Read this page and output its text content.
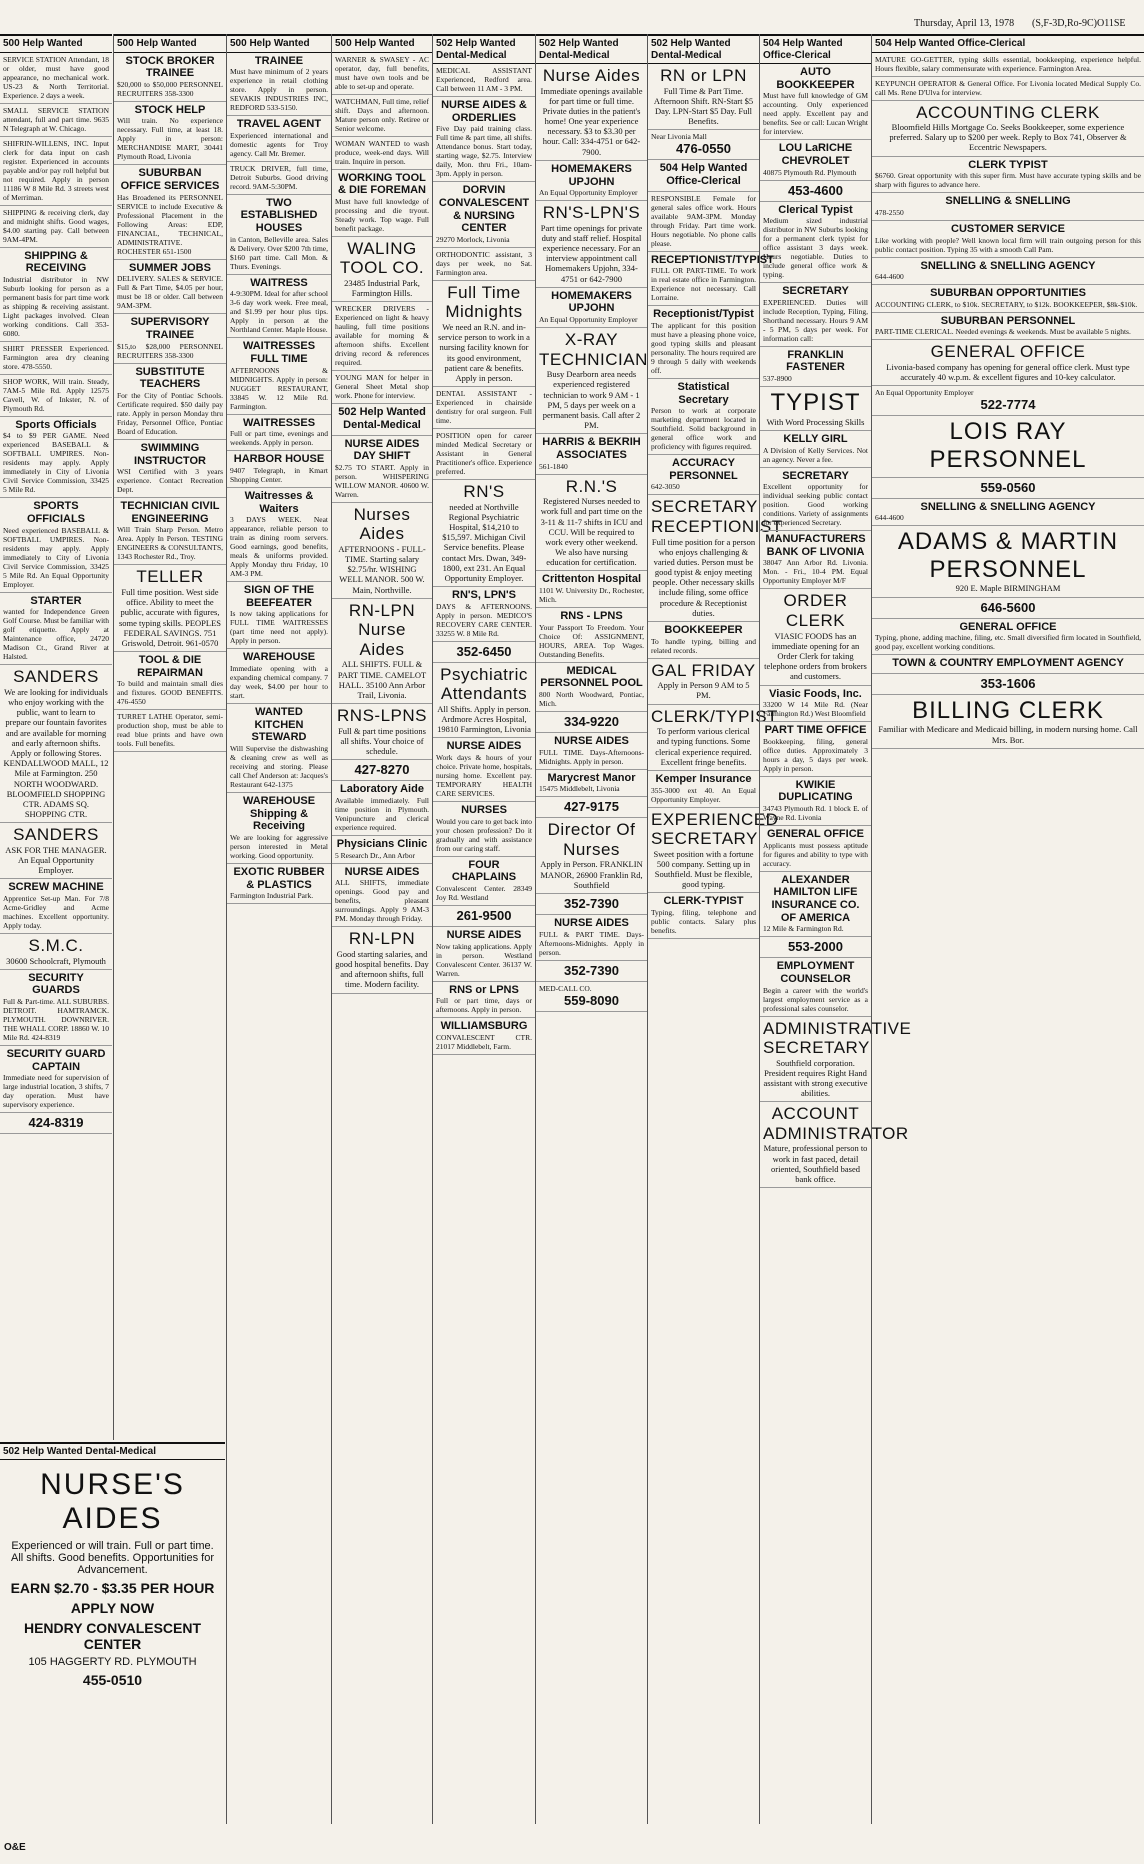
Thursday, April 13, 1978 (S,F-3D,Ro-9C)O11SE
500 Help Wanted
SERVICE STATION Attendant, 18 or older, must have good appearance, no mechanical work. US-23 & North Territorial. Experience. 2 days a week.
SMALL SERVICE STATION attendant, full and part time. 9635 N Telegraph at W. Chicago.
SHIFRIN-WILLENS, INC. Input clerk for data input on cash register. Experienced in accounts payable and/or pay roll helpful but not required. Apply in person 11186 W 8 Mile Rd. 3 streets west of Merriman.
SHIPPING & receiving clerk, day and midnight shifts. Good wages, $4.00 starting pay. Call between 9AM-4PM.
SHIPPING & RECEIVING
Industrial distributor in NW Suburb looking for person as a permanent basis for part time work as shipping & receiving assistant. Light packages involved. Clean working conditions. Call 353-6080.
SHIRT PRESSER Experienced. Farmington area dry cleaning store. 478-5550.
SHOP WORK, Will train. Steady, 7AM-5 Mile Rd. Apply 12575 Cavell, W. of Inkster, N. of Plymouth Rd.
Sports Officials
$4 to $9 PER GAME. Need experienced BASEBALL & SOFTBALL UMPIRES. Non-residents may apply. Apply immediately in City of Livonia Civil Service Commission, 33425 5 Mile Rd.
SPORTS OFFICIALS
Need experienced BASEBALL & SOFTBALL UMPIRES. Non-residents may apply. Apply immediately to City of Livonia Civil Service Commission, 33425 5 Mile Rd. An Equal Opportunity Employer.
STARTER
wanted for Independence Green Golf Course. Must be familiar with golf etiquette. Apply at Maintenance office, 24720 Madison Ct., Grand River at Halsted.
SANDERS
We are looking for individuals who enjoy working with the public, want to learn to prepare our fountain favorites and are available for morning and early afternoon shifts. Apply or following Stores. KENDALLWOOD MALL, 12 Mile at Farmington. 250 NORTH WOODWARD. BLOOMFIELD SHOPPING CTR. ADAMS SQ. SHOPPING CTR.
SANDERS
ASK FOR THE MANAGER. An Equal Opportunity Employer.
SCREW MACHINE
Apprentice Set-up Man. For 7/8 Acme-Gridley and Acme machines. Excellent opportunity. Apply today.
S.M.C.
30600 Schoolcraft, Plymouth
SECURITY GUARDS
Full & Part-time. ALL SUBURBS. DETROIT. HAMTRAMCK. PLYMOUTH. DOWNRIVER. THE WHALL CORP. 18860 W. 10 Mile Rd. 424-8319
SECURITY GUARD CAPTAIN
Immediate need for supervision of large industrial location, 3 shifts, 7 day operation. Must have supervisory experience.
424-8319
500 Help Wanted
STOCK BROKER TRAINEE
$20,000 to $50,000 PERSONNEL RECRUITERS 358-3300
STOCK HELP
Will train. No experience necessary. Full time, at least 18. Apply in person: MERCHANDISE MART, 30441 Plymouth Road, Livonia
SUBURBAN OFFICE SERVICES
Has Broadened its PERSONNEL SERVICE to include Executive & Professional Placement in the Following Areas: EDP, FINANCIAL, TECHNICAL, ADMINISTRATIVE. ROCHESTER 651-1500
SUMMER JOBS
DELIVERY. SALES & SERVICE. Full & Part Time, $4.05 per hour, must be 18 or older. Call between 9AM-3PM.
SUPERVISORY TRAINEE
$15,to $28,000 PERSONNEL RECRUITERS 358-3300
SUBSTITUTE TEACHERS
For the City of Pontiac Schools. Certificate required. $50 daily pay rate. Apply in person Monday thru Friday, Personnel Office, Pontiac Board of Education.
SWIMMING INSTRUCTOR
WSI Certified with 3 years experience. Contact Recreation Dept.
TECHNICIAN CIVIL ENGINEERING
Will Train Sharp Person. Metro Area. Apply In Person. TESTING ENGINEERS & CONSULTANTS, 1343 Rochester Rd., Troy.
TELLER
Full time position. West side office. Ability to meet the public, accurate with figures, some typing skills. PEOPLES FEDERAL SAVINGS. 751 Griswold, Detroit. 961-0570
TOOL & DIE REPAIRMAN
To build and maintain small dies and fixtures. GOOD BENEFITS. 476-4550
TURRET LATHE Operator, semi-production shop, must be able to read blue prints and have own tools. Full benefits.
500 Help Wanted
TRAINEE
Must have minimum of 2 years experience in retail clothing store. Apply in person. SEVAKIS INDUSTRIES INC, REDFORD 533-5150.
TRAVEL AGENT
Experienced international and domestic agents for Troy agency. Call Mr. Bremer.
TRUCK DRIVER, full time, Detroit Suburbs. Good driving record. 9AM-5:30PM.
TWO ESTABLISHED HOUSES
in Canton, Belleville area. Sales & Delivery. Over $200 7th time, $160 part time. Call Mon. & Thurs. Evenings.
WAITRESS
4-9:30PM. Ideal for after school 3-6 day work week. Free meal, and $1.99 per hour plus tips. Apply in person at the Northland Center. Maple House.
WAITRESSES FULL TIME
AFTERNOONS & MIDNIGHTS. Apply in person: NUGGET RESTAURANT, 33845 W. 12 Mile Rd. Farmington.
WAITRESSES
Full or part time, evenings and weekends. Apply in person.
HARBOR HOUSE
9407 Telegraph, in Kmart Shopping Center.
Waitresses & Waiters
3 DAYS WEEK. Neat appearance, reliable person to train as dining room servers. Good earnings, good benefits, meals & uniforms provided. Apply Monday thru Friday, 10 AM-3 PM.
SIGN OF THE BEEFEATER
Is now taking applications for FULL TIME WAITRESSES (part time need not apply). Apply in person.
WAREHOUSE
Immediate opening with a expanding chemical company. 7 day week, $4.00 per hour to start.
WANTED KITCHEN STEWARD
Will Supervise the dishwashing & cleaning crew as well as receiving and storing. Please call Chef Anderson at: Jacques's Restaurant 642-1375
WAREHOUSE Shipping & Receiving
We are looking for aggressive person interested in Metal working. Good opportunity.
EXOTIC RUBBER & PLASTICS
Farmington Industrial Park.
500 Help Wanted
WARNER & SWASEY - AC operator, day, full benefits, must have own tools and be able to set-up and operate.
WATCHMAN, Full time, relief shift. Days and afternoon. Mature person only. Retiree or Senior welcome.
WOMAN WANTED to wash produce, week-end days. Will train. Inquire in person.
WORKING TOOL & DIE FOREMAN
Must have full knowledge of processing and die tryout. Steady work. Top wage. Full benefit package.
WALING TOOL CO.
23485 Industrial Park, Farmington Hills.
WRECKER DRIVERS - Experienced on light & heavy hauling, full time positions available for morning & afternoon shifts. Excellent driving record & references required.
YOUNG MAN for helper in General Sheet Metal shop work. Phone for interview.
502 Help Wanted Dental-Medical
NURSE AIDES DAY SHIFT
$2.75 TO START. Apply in person. WHISPERING WILLOW MANOR. 40600 W. Warren.
Nurses Aides
AFTERNOONS - FULL-TIME. Starting salary $2.75/hr. WISHING WELL MANOR. 500 W. Main, Northville.
RN-LPN Nurse Aides
ALL SHIFTS. FULL & PART TIME. CAMELOT HALL. 35100 Ann Arbor Trail, Livonia.
RNS-LPNS
Full & part time positions all shifts. Your choice of schedule.
427-8270
Laboratory Aide
Available immediately. Full time position in Plymouth. Venipuncture and clerical experience required.
Physicians Clinic
5 Research Dr., Ann Arbor
NURSE AIDES
ALL SHIFTS, immediate openings. Good pay and benefits, pleasant surroundings. Apply 9 AM-3 PM. Monday through Friday.
RN-LPN
Good starting salaries, and good hospital benefits. Day and afternoon shifts, full time. Modern facility.
502 Help Wanted Dental-Medical
MEDICAL ASSISTANT Experienced, Redford area. Call between 11 AM - 3 PM.
NURSE AIDES & ORDERLIES
Five Day paid training class. Full time & part time, all shifts. Attendance bonus. Start today, starting wage, $2.75. Interview daily, Mon. thru Fri., 10am-3pm. Apply in person.
DORVIN CONVALESCENT & NURSING CENTER
29270 Morlock, Livonia
ORTHODONTIC assistant, 3 days per week, no Sat. Farmington area.
Full Time Midnights
We need an R.N. and in-service person to work in a nursing facility known for its good environment, patient care & benefits. Apply in person.
DENTAL ASSISTANT - Experienced in chairside dentistry for oral surgeon. Full time.
POSITION open for career minded Medical Secretary or Assistant in General Practitioner's office. Experience preferred.
RN'S
needed at Northville Regional Psychiatric Hospital, $14,210 to $15,597. Michigan Civil Service benefits. Please contact Mrs. Dwan, 349-1800, ext 231. An Equal Opportunity Employer.
RN'S, LPN'S
DAYS & AFTERNOONS. Apply in person. MEDICO'S RECOVERY CARE CENTER. 33255 W. 8 Mile Rd.
352-6450
Psychiatric Attendants
All Shifts. Apply in person. Ardmore Acres Hospital, 19810 Farmington, Livonia
NURSE AIDES
Work days & hours of your choice. Private home, hospitals, nursing home. Excellent pay. TEMPORARY HEALTH CARE SERVICES.
NURSES
Would you care to get back into your chosen profession? Do it gradually and with assistance from our caring staff.
FOUR CHAPLAINS
Convalescent Center. 28349 Joy Rd. Westland
261-9500
NURSE AIDES
Now taking applications. Apply in person. Westland Convalescent Center. 36137 W. Warren.
RNS or LPNS
Full or part time, days or afternoons. Apply in person.
WILLIAMSBURG
CONVALESCENT CTR. 21017 Middlebelt, Farm.
502 Help Wanted Dental-Medical
Nurse Aides
Immediate openings available for part time or full time. Private duties in the patient's home! One year experience necessary. $3 to $3.30 per hour. Call: 334-4751 or 642-7900.
HOMEMAKERS UPJOHN
An Equal Opportunity Employer
RN'S-LPN'S
Part time openings for private duty and staff relief. Hospital experience necessary. For an interview appointment call Homemakers Upjohn, 334-4751 or 642-7900
HOMEMAKERS UPJOHN
An Equal Opportunity Employer
X-RAY TECHNICIAN
Busy Dearborn area needs experienced registered technician to work 9 AM - 1 PM, 5 days per week on a permanent basis. Call after 2 PM.
HARRIS & BEKRIH ASSOCIATES
561-1840
R.N.'S
Registered Nurses needed to work full and part time on the 3-11 & 11-7 shifts in ICU and CCU. Will be required to work every other weekend. We also have nursing education for certification.
Crittenton Hospital
1101 W. University Dr., Rochester, Mich.
RNS - LPNS
Your Passport To Freedom. Your Choice Of: ASSIGNMENT, HOURS, AREA. Top Wages. Outstanding Benefits.
MEDICAL PERSONNEL POOL
800 North Woodward, Pontiac, Mich.
334-9220
NURSE AIDES
FULL TIME. Days-Afternoons-Midnights. Apply in person.
Marycrest Manor
15475 Middlebelt, Livonia
427-9175
Director Of Nurses
Apply in Person. FRANKLIN MANOR, 26900 Franklin Rd, Southfield
352-7390
NURSE AIDES
FULL & PART TIME. Days-Afternoons-Midnights. Apply in person.
352-7390
MED-CALL CO.
559-8090
502 Help Wanted Dental-Medical
RN or LPN
Full Time & Part Time. Afternoon Shift. RN-Start $5 Day. LPN-Start $5 Day. Full Benefits.
Near Livonia Mall
476-0550
504 Help Wanted Office-Clerical
RESPONSIBLE Female for general sales office work. Hours available 9AM-3PM. Monday through Friday. Part time work. Hours negotiable. No phone calls please.
RECEPTIONIST/TYPIST
FULL OR PART-TIME. To work in real estate office in Farmington. Experience not necessary. Call Lorraine.
Receptionist/Typist
The applicant for this position must have a pleasing phone voice, good typing skills and pleasant personality. The hours required are 9 through 5 daily with weekends off.
Statistical Secretary
Person to work at corporate marketing department located in Southfield. Solid background in general office work and proficiency with figures required.
ACCURACY PERSONNEL
642-3050
SECRETARY RECEPTIONIST
Full time position for a person who enjoys challenging & varied duties. Person must be good typist & enjoy meeting people. Other necessary skills include filing, some office procedure & Receptionist duties.
BOOKKEEPER
To handle typing, billing and related records.
GAL FRIDAY
Apply in Person 9 AM to 5 PM.
CLERK/TYPIST
To perform various clerical and typing functions. Some clerical experience required. Excellent fringe benefits.
Kemper Insurance
355-3000 ext 40. An Equal Opportunity Employer.
EXPERIENCED SECRETARY
Sweet position with a fortune 500 company. Setting up in Southfield. Must be flexible, good typing.
CLERK-TYPIST
Typing, filing, telephone and public contacts. Salary plus benefits.
504 Help Wanted Office-Clerical
AUTO BOOKKEEPER
Must have full knowledge of GM accounting. Only experienced need apply. Excellent pay and benefits. See or call: Lucan Wright for interview.
LOU LaRICHE CHEVROLET
40875 Plymouth Rd. Plymouth
453-4600
Clerical Typist
Medium sized industrial distributor in NW Suburbs looking for a permanent clerk typist for office assistant 3 days week. Hours negotiable. Duties to include general office work & typing.
SECRETARY
EXPERIENCED. Duties will include Reception, Typing, Filing, Shorthand necessary. Hours 9 AM - 5 PM, 5 days per week. For information call:
FRANKLIN FASTENER
537-8900
TYPIST
With Word Processing Skills
KELLY GIRL
A Division of Kelly Services. Not an agency. Never a fee.
SECRETARY
Excellent opportunity for individual seeking public contact position. Good working conditions. Variety of assignments for experienced Secretary.
MANUFACTURERS BANK OF LIVONIA
38047 Ann Arbor Rd. Livonia. Mon. - Fri., 10-4 PM. Equal Opportunity Employer M/F
ORDER CLERK
VIASIC FOODS has an immediate opening for an Order Clerk for taking telephone orders from brokers and customers.
Viasic Foods, Inc.
33200 W 14 Mile Rd. (Near Farmington Rd.) West Bloomfield
PART TIME OFFICE
Bookkeeping, filing, general office duties. Approximately 3 hours a day, 5 days per week. Apply in person.
KWIKIE DUPLICATING
34743 Plymouth Rd. 1 block E. of Wayne Rd. Livonia
GENERAL OFFICE
Applicants must possess aptitude for figures and ability to type with accuracy.
ALEXANDER HAMILTON LIFE INSURANCE CO. OF AMERICA
12 Mile & Farmington Rd.
553-2000
EMPLOYMENT COUNSELOR
Begin a career with the world's largest employment service as a professional sales counselor.
ADMINISTRATIVE SECRETARY
Southfield corporation. President requires Right Hand assistant with strong executive abilities.
ACCOUNT ADMINISTRATOR
Mature, professional person to work in fast paced, detail oriented, Southfield based bank office.
504 Help Wanted Office-Clerical
MATURE GO-GETTER, typing skills essential, bookkeeping, experience helpful. Hours flexible, salary commensurate with experience. Farmington Area.
KEYPUNCH OPERATOR & General Office. For Livonia located Medical Supply Co. call Ms. Rene D'Ulva for interview.
ACCOUNTING CLERK
Bloomfield Hills Mortgage Co. Seeks Bookkeeper, some experience preferred. Salary up to $200 per week. Reply to Box 741, Observer & Eccentric Newspapers.
CLERK TYPIST
$6760. Great opportunity with this super firm. Must have accurate typing skills and be sharp with figures to advance here.
SNELLING & SNELLING
478-2550
CUSTOMER SERVICE
Like working with people? Well known local firm will train outgoing person for this public contact position. Typing 35 with a smooth Call Pam.
SNELLING & SNELLING AGENCY
644-4600
SUBURBAN OPPORTUNITIES
ACCOUNTING CLERK, to $10k. SECRETARY, to $12k. BOOKKEEPER, $8k-$10k.
SUBURBAN PERSONNEL
PART-TIME CLERICAL. Needed evenings & weekends. Must be available 5 nights.
GENERAL OFFICE
Livonia-based company has opening for general office clerk. Must type accurately 40 w.p.m. & excellent figures and 10-key calculator.
An Equal Opportunity Employer
522-7774
LOIS RAY PERSONNEL
559-0560
SNELLING & SNELLING AGENCY
644-4600
ADAMS & MARTIN PERSONNEL
920 E. Maple BIRMINGHAM
646-5600
GENERAL OFFICE
Typing, phone, adding machine, filing, etc. Small diversified firm located in Southfield, good pay, excellent working conditions.
TOWN & COUNTRY EMPLOYMENT AGENCY
353-1606
BILLING CLERK
Familiar with Medicare and Medicaid billing, in modern nursing home. Call Mrs. Bor.
502 Help Wanted Dental-Medical
NURSE'S AIDES
Experienced or will train. Full or part time. All shifts. Good benefits. Opportunities for Advancement.
EARN $2.70 - $3.35 PER HOUR
APPLY NOW
HENDRY CONVALESCENT CENTER
105 HAGGERTY RD. PLYMOUTH
455-0510
O&E
